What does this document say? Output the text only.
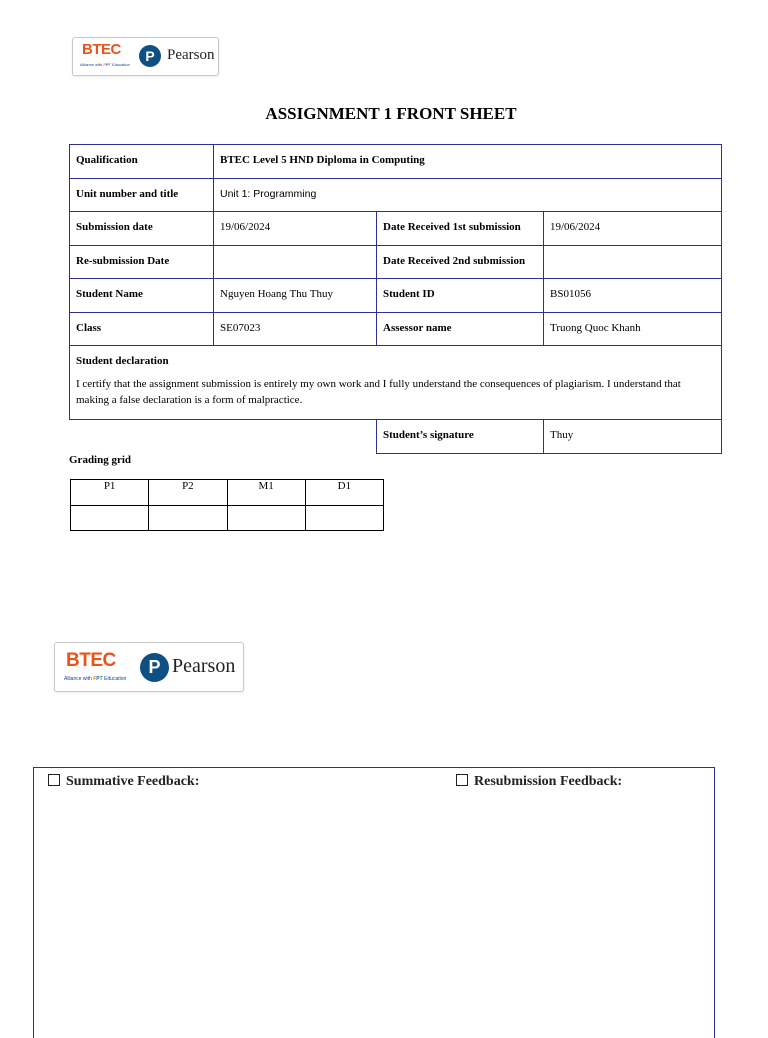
BTEC
Alliance with FPT Education
P Pearson
ASSIGNMENT 1 FRONT SHEET
Qualification	BTEC Level 5 HND Diploma in Computing		
Unit number and title	Unit 1: Programming		
Submission date	19/06/2024	Date Received 1st submission	19/06/2024
Re-submission Date		Date Received 2nd submission	
Student Name	Nguyen Hoang Thu Thuy	Student ID	BS01056
Class	SE07023	Assessor name	Truong Quoc Khanh

Student declaration
I certify that the assignment submission is entirely my own work and I fully understand the consequences of plagiarism. I understand that making a false declaration is a form of malpractice.			

		Student’s signature	Thuy
Grading grid
P1	P2	M1	D1

BTEC
Alliance with FPT Education
P Pearson
Summative Feedback:	Resubmission Feedback:
